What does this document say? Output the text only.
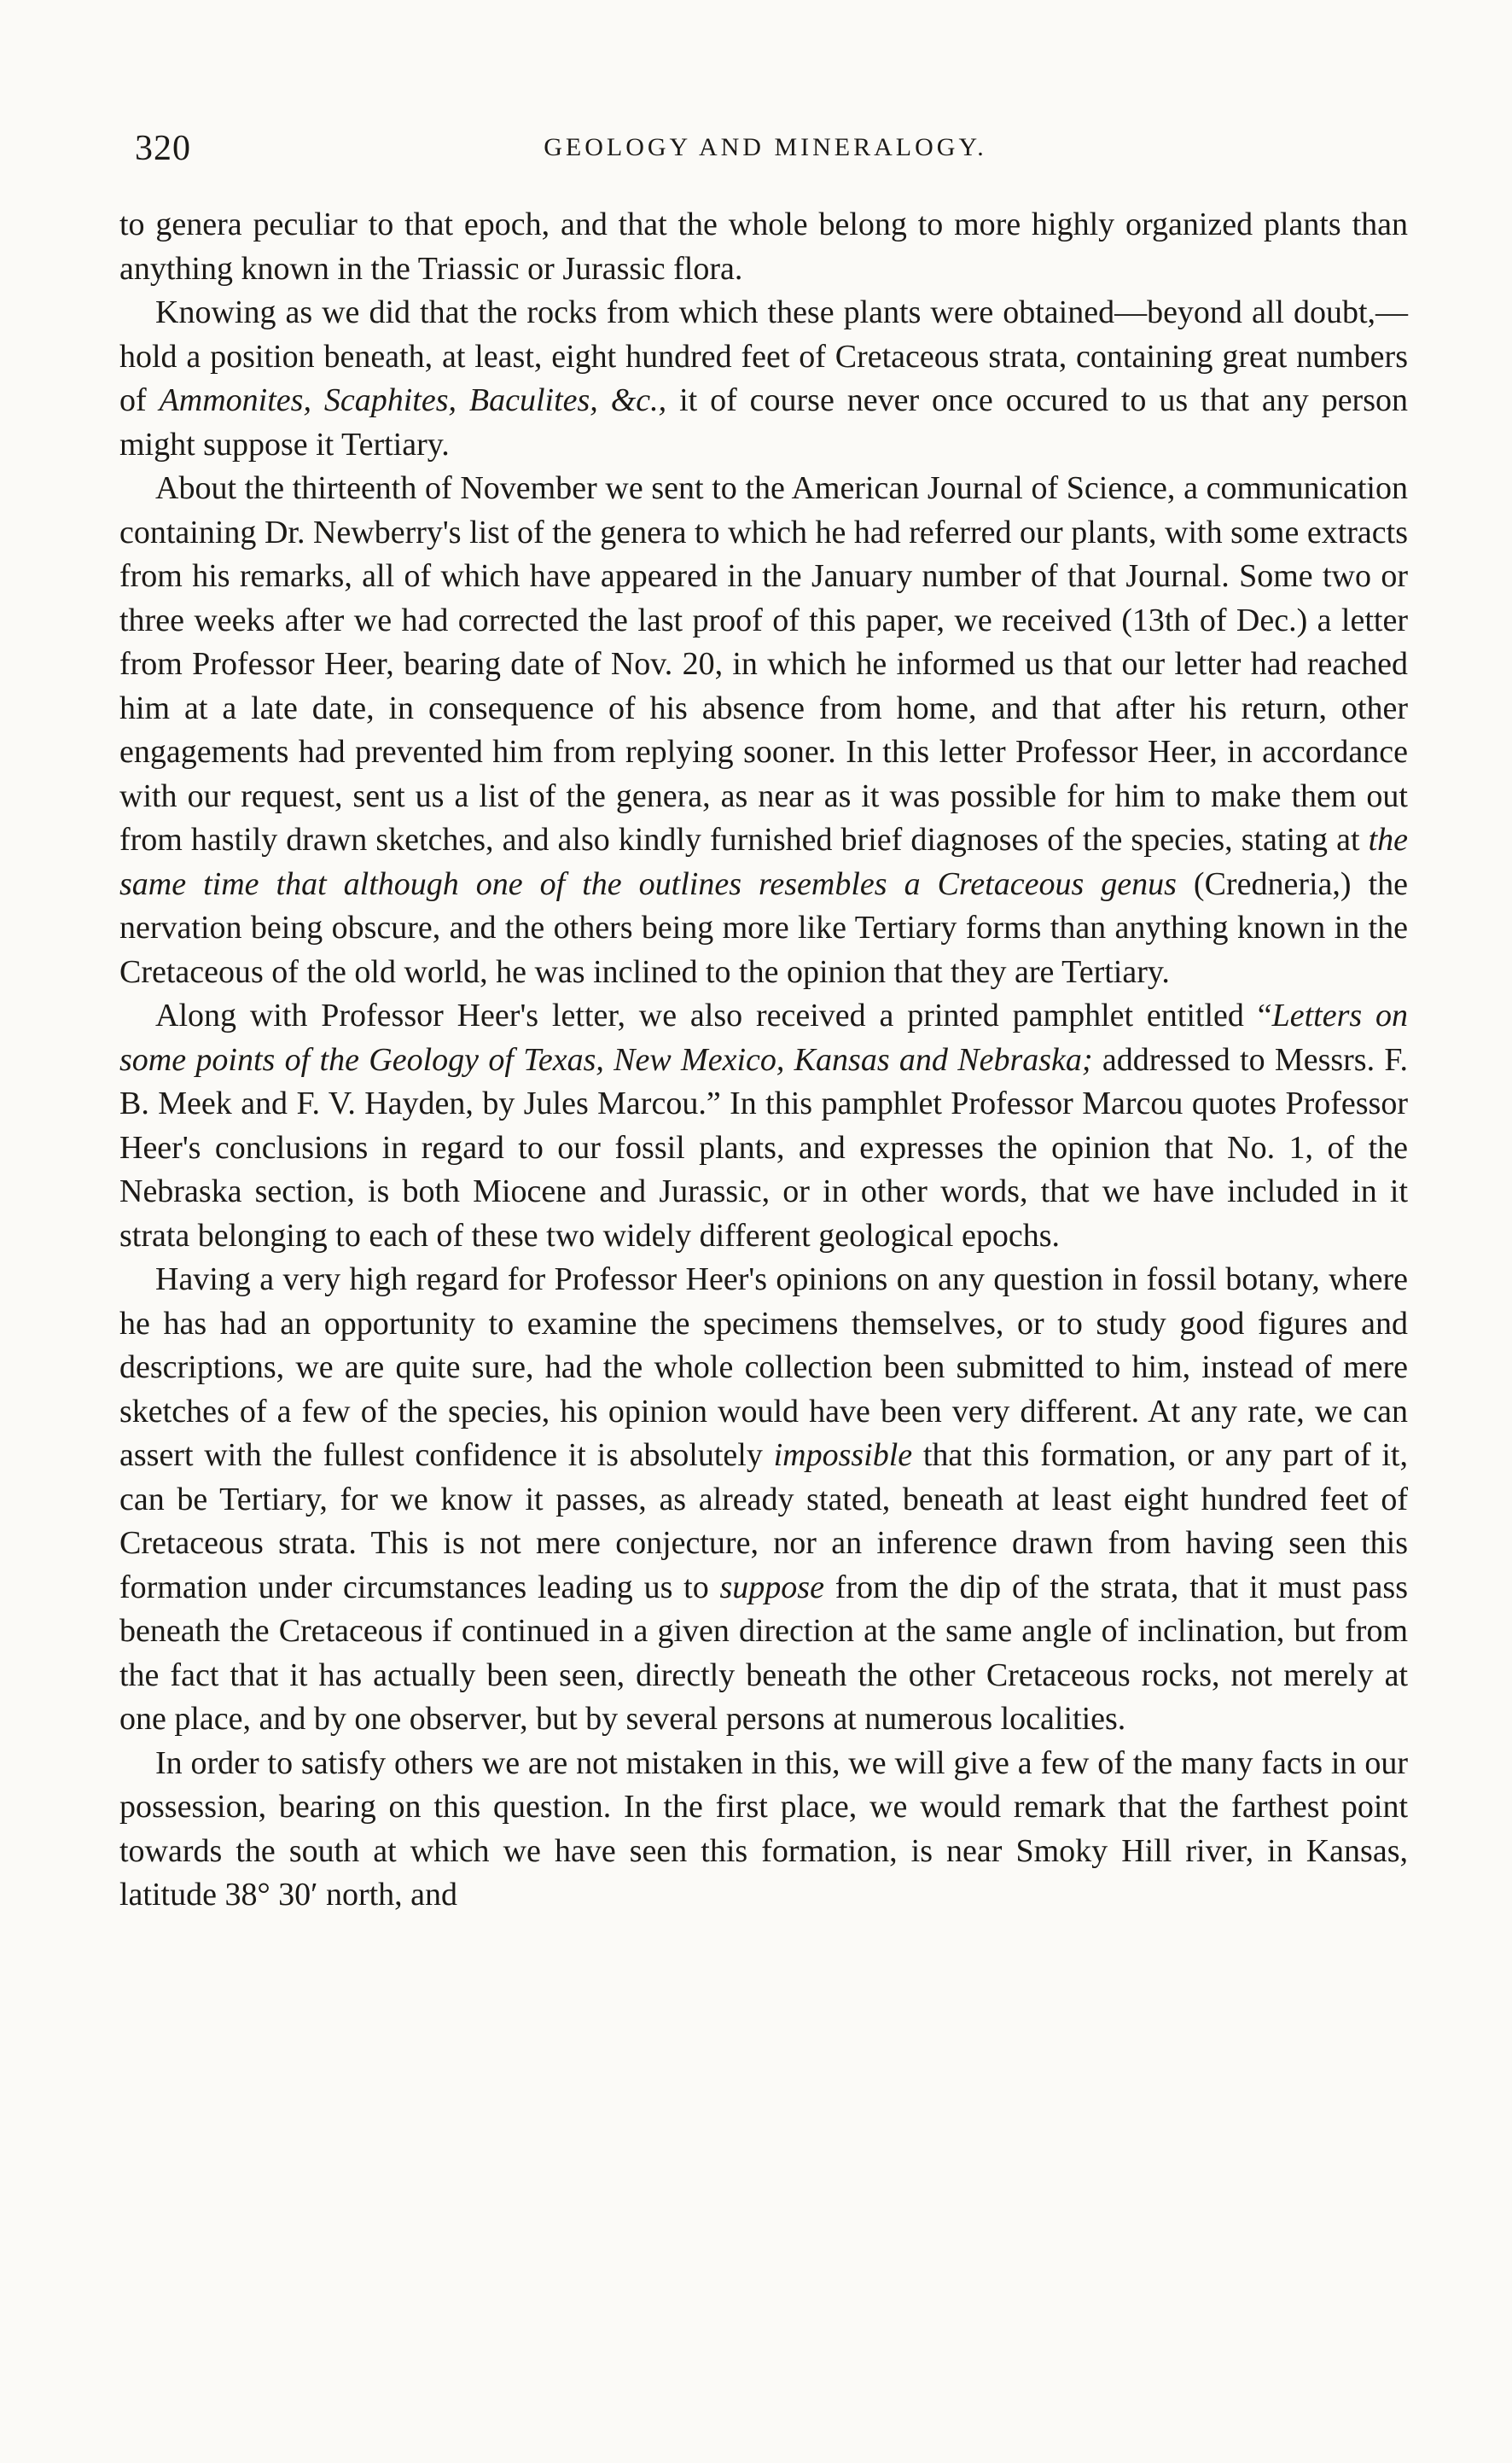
320	GEOLOGY AND MINERALOGY.

to genera peculiar to that epoch, and that the whole belong to more highly organized plants than anything known in the Triassic or Jurassic flora.

Knowing as we did that the rocks from which these plants were obtained—beyond all doubt,—hold a position beneath, at least, eight hundred feet of Cretaceous strata, containing great numbers of Ammonites, Scaphites, Baculites, &c., it of course never once occured to us that any person might suppose it Tertiary.

About the thirteenth of November we sent to the American Journal of Science, a communication containing Dr. Newberry's list of the genera to which he had referred our plants, with some extracts from his remarks, all of which have appeared in the January number of that Journal. Some two or three weeks after we had corrected the last proof of this paper, we received (13th of Dec.) a letter from Professor Heer, bearing date of Nov. 20, in which he informed us that our letter had reached him at a late date, in consequence of his absence from home, and that after his return, other engagements had prevented him from replying sooner. In this letter Professor Heer, in accordance with our request, sent us a list of the genera, as near as it was possible for him to make them out from hastily drawn sketches, and also kindly furnished brief diagnoses of the species, stating at the same time that although one of the outlines resembles a Cretaceous genus (Credneria,) the nervation being obscure, and the others being more like Tertiary forms than anything known in the Cretaceous of the old world, he was inclined to the opinion that they are Tertiary.

Along with Professor Heer's letter, we also received a printed pamphlet entitled “Letters on some points of the Geology of Texas, New Mexico, Kansas and Nebraska; addressed to Messrs. F. B. Meek and F. V. Hayden, by Jules Marcou.” In this pamphlet Professor Marcou quotes Professor Heer's conclusions in regard to our fossil plants, and expresses the opinion that No. 1, of the Nebraska section, is both Miocene and Jurassic, or in other words, that we have included in it strata belonging to each of these two widely different geological epochs.

Having a very high regard for Professor Heer's opinions on any question in fossil botany, where he has had an opportunity to examine the specimens themselves, or to study good figures and descriptions, we are quite sure, had the whole collection been submitted to him, instead of mere sketches of a few of the species, his opinion would have been very different. At any rate, we can assert with the fullest confidence it is absolutely impossible that this formation, or any part of it, can be Tertiary, for we know it passes, as already stated, beneath at least eight hundred feet of Cretaceous strata. This is not mere conjecture, nor an inference drawn from having seen this formation under circumstances leading us to suppose from the dip of the strata, that it must pass beneath the Cretaceous if continued in a given direction at the same angle of inclination, but from the fact that it has actually been seen, directly beneath the other Cretaceous rocks, not merely at one place, and by one observer, but by several persons at numerous localities.

In order to satisfy others we are not mistaken in this, we will give a few of the many facts in our possession, bearing on this question. In the first place, we would remark that the farthest point towards the south at which we have seen this formation, is near Smoky Hill river, in Kansas, latitude 38° 30′ north, and
